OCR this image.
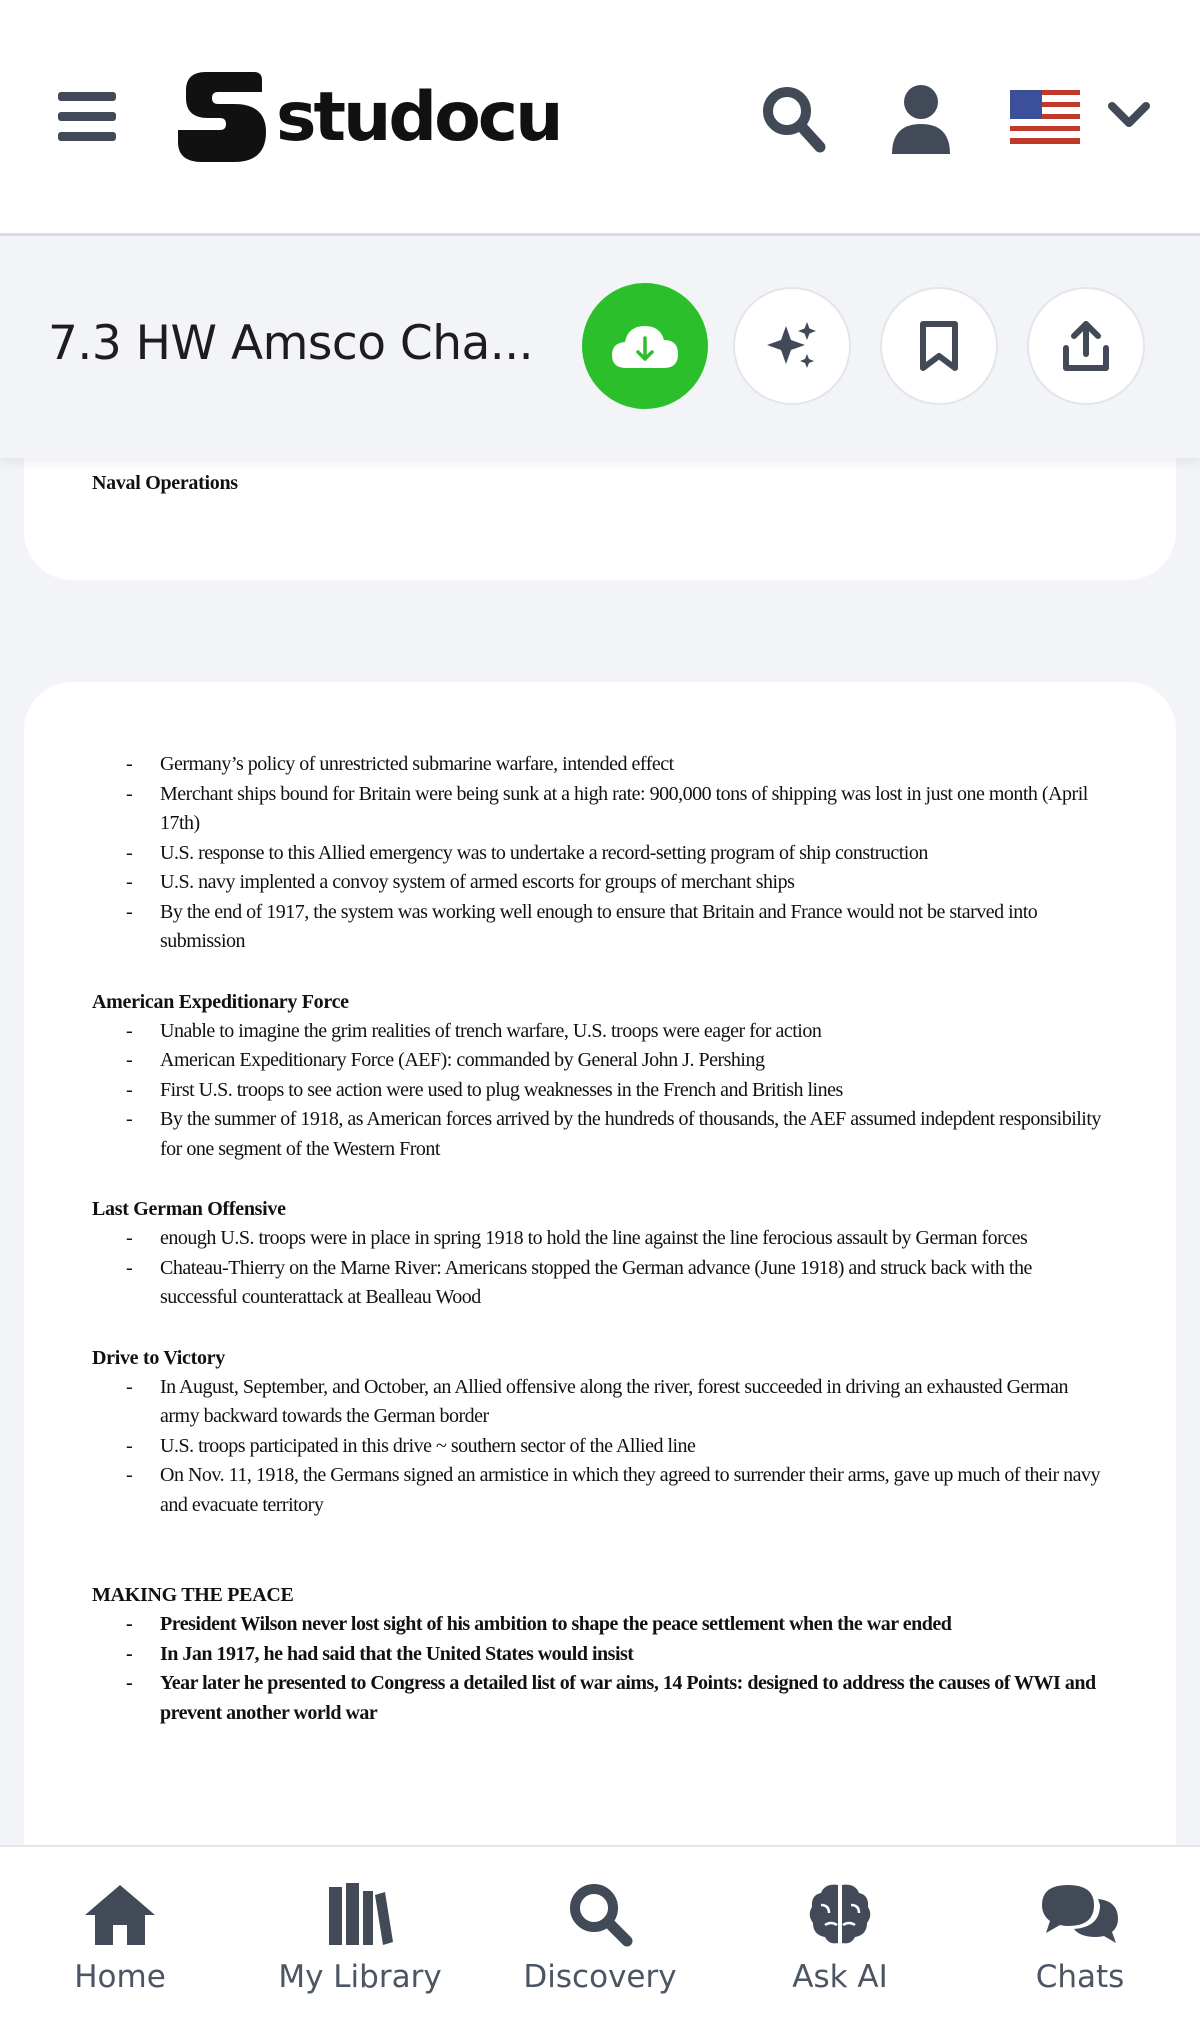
studocu
7.3 HW Amsco Cha...

Naval Operations

- Germany’s policy of unrestricted submarine warfare, intended effect
- Merchant ships bound for Britain were being sunk at a high rate: 900,000 tons of shipping was lost in just one month (April 17th)
- U.S. response to this Allied emergency was to undertake a record-setting program of ship construction
- U.S. navy implented a convoy system of armed escorts for groups of merchant ships
- By the end of 1917, the system was working well enough to ensure that Britain and France would not be starved into submission

American Expeditionary Force

- Unable to imagine the grim realities of trench warfare, U.S. troops were eager for action
- American Expeditionary Force (AEF): commanded by General John J. Pershing
- First U.S. troops to see action were used to plug weaknesses in the French and British lines
- By the summer of 1918, as American forces arrived by the hundreds of thousands, the AEF assumed indepdent responsibility for one segment of the Western Front

Last German Offensive

- enough U.S. troops were in place in spring 1918 to hold the line against the line ferocious assault by German forces
- Chateau-Thierry on the Marne River: Americans stopped the German advance (June 1918) and struck back with the successful counterattack at Bealleau Wood

Drive to Victory

- In August, September, and October, an Allied offensive along the river, forest succeeded in driving an exhausted German army backward towards the German border
- U.S. troops participated in this drive ~ southern sector of the Allied line
- On Nov. 11, 1918, the Germans signed an armistice in which they agreed to surrender their arms, gave up much of their navy and evacuate territory

MAKING THE PEACE

- President Wilson never lost sight of his ambition to shape the peace settlement when the war ended
- In Jan 1917, he had said that the United States would insist
- Year later he presented to Congress a detailed list of war aims, 14 Points: designed to address the causes of WWI and prevent another world war
Home	My Library	Discovery	Ask AI	Chats
